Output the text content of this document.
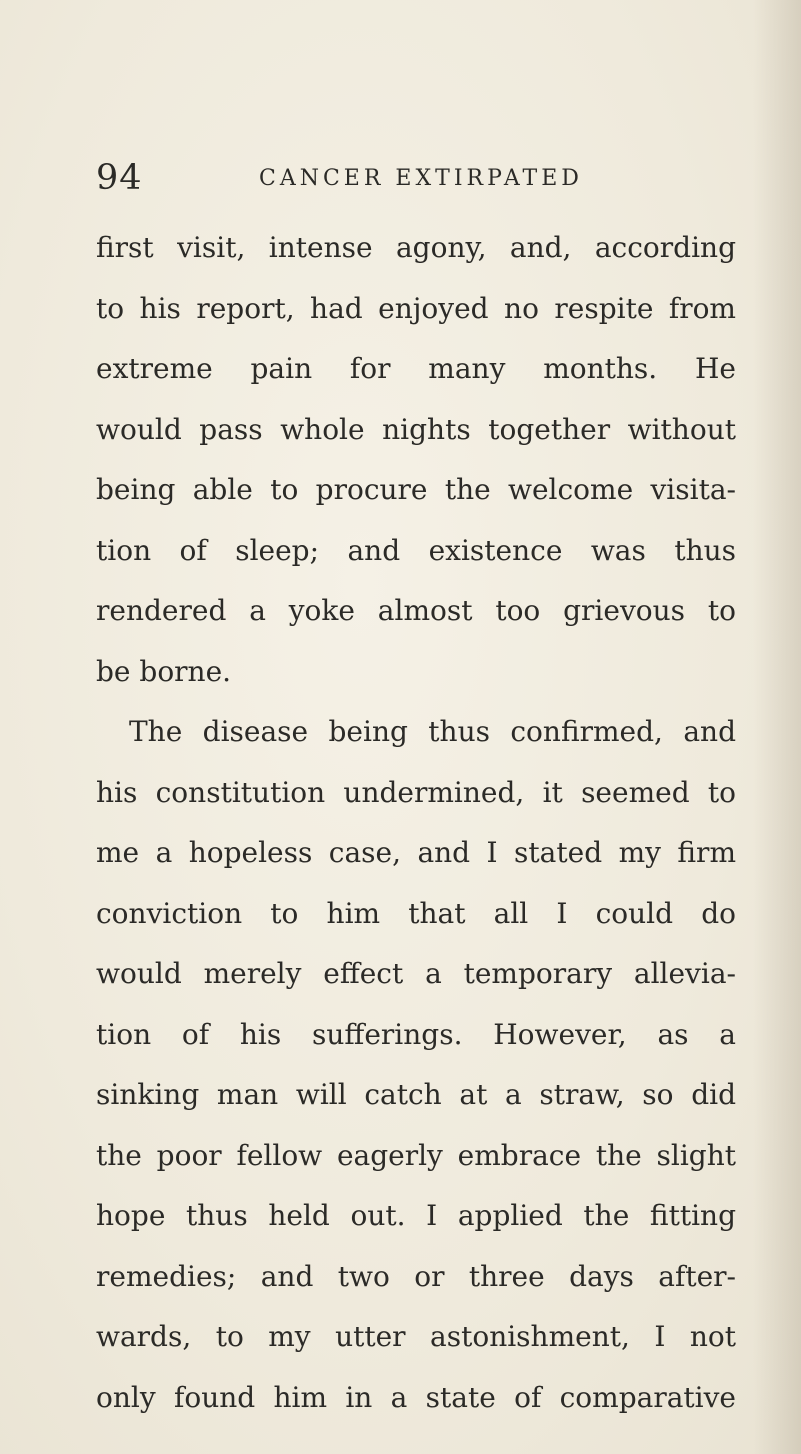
94	CANCER EXTIRPATED
first visit, intense agony, and, according
to his report, had enjoyed no respite from
extreme pain for many months. He
would pass whole nights together without
being able to procure the welcome visita-
tion of sleep; and existence was thus
rendered a yoke almost too grievous to
be borne.
The disease being thus confirmed, and
his constitution undermined, it seemed to
me a hopeless case, and I stated my firm
conviction to him that all I could do
would merely effect a temporary allevia-
tion of his sufferings. However, as a
sinking man will catch at a straw, so did
the poor fellow eagerly embrace the slight
hope thus held out. I applied the fitting
remedies; and two or three days after-
wards, to my utter astonishment, I not
only found him in a state of comparative
